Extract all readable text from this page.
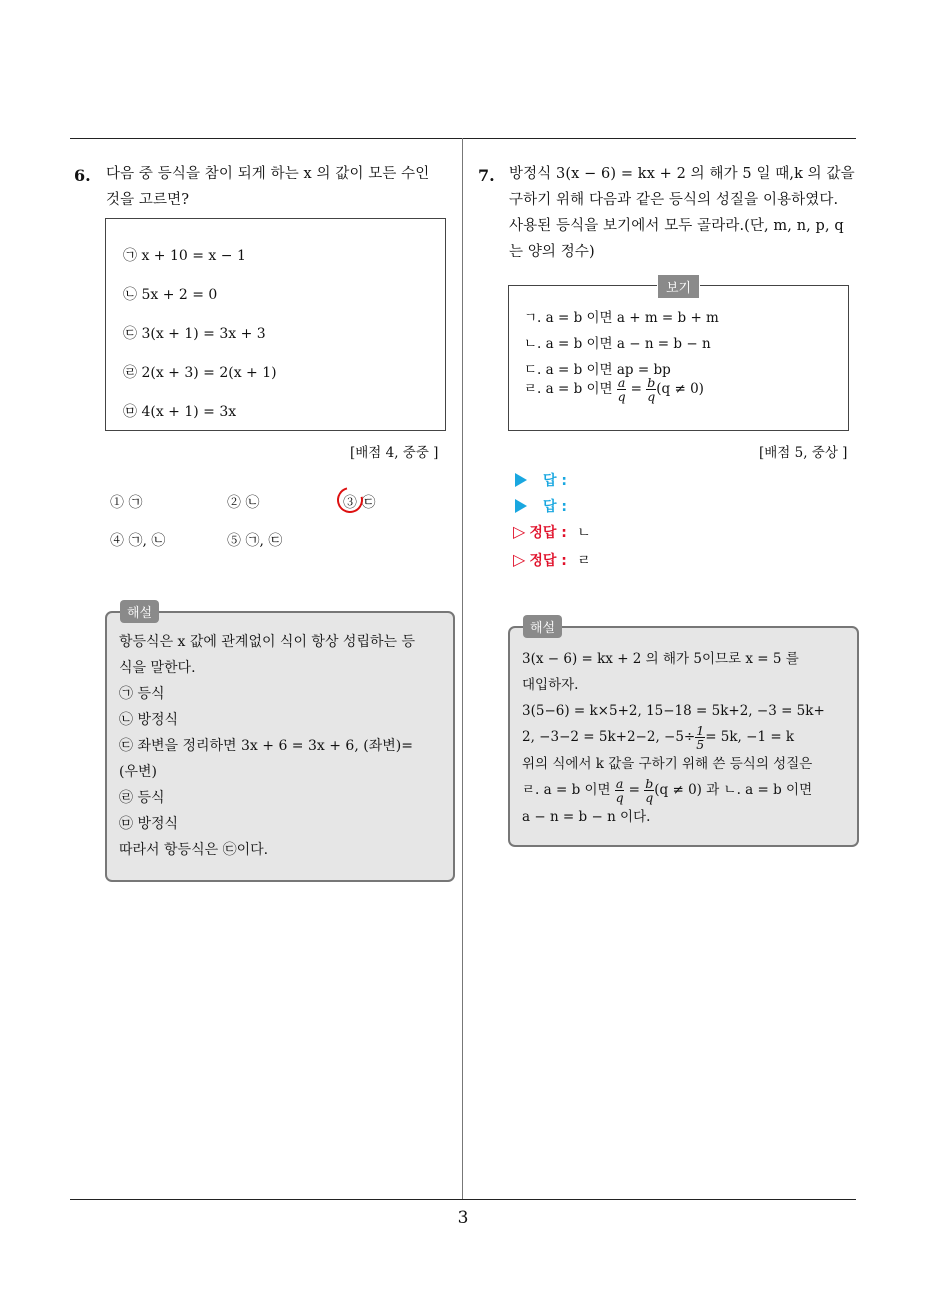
3
6. 다음 중 등식을 참이 되게 하는 x 의 값이 모든 수인
것을 고르면?
㉠ x + 10 = x − 1
㉡ 5x + 2 = 0
㉢ 3(x + 1) = 3x + 3
㉣ 2(x + 3) = 2(x + 1)
㉤ 4(x + 1) = 3x
[배점 4, 중중 ]
① ㉠	② ㉡	③ ㉢
④ ㉠, ㉡	⑤ ㉠, ㉢
해설
항등식은 x 값에 관계없이 식이 항상 성립하는 등
식을 말한다.
㉠ 등식
㉡ 방정식
㉢ 좌변을 정리하면 3x + 6 = 3x + 6, (좌변)=
(우변)
㉣ 등식
㉤ 방정식
따라서 항등식은 ㉢이다.
7. 방정식 3(x − 6) = kx + 2 의 해가 5 일 때,k 의 값을
구하기 위해 다음과 같은 등식의 성질을 이용하였다.
사용된 등식을 보기에서 모두 골라라.(단, m, n, p, q
는 양의 정수)
보기
ㄱ. a = b 이면 a + m = b + m
ㄴ. a = b 이면 a − n = b − n
ㄷ. a = b 이면 ap = bp
ㄹ. a = b 이면 $\frac{a}{q} = \frac{b}{q} (q \ne 0)$
[배점 5, 중상 ]
답 :
답 :
▷ 정답 : ㄴ
▷ 정답 : ㄹ
해설
3(x − 6) = kx + 2 의 해가 5이므로 x = 5 를
대입하자.
3(5−6) = k×5+2, 15−18 = 5k+2, −3 = 5k+
2, −3−2 = 5k+2−2, $-5\div \frac{1}{5} = 5k$, −1 = k
위의 식에서 k 값을 구하기 위해 쓴 등식의 성질은
ㄹ. a = b 이면 $\frac{a}{q} = \frac{b}{q} (q \ne 0)$ 과 ㄴ. a = b 이면
a − n = b − n 이다.
